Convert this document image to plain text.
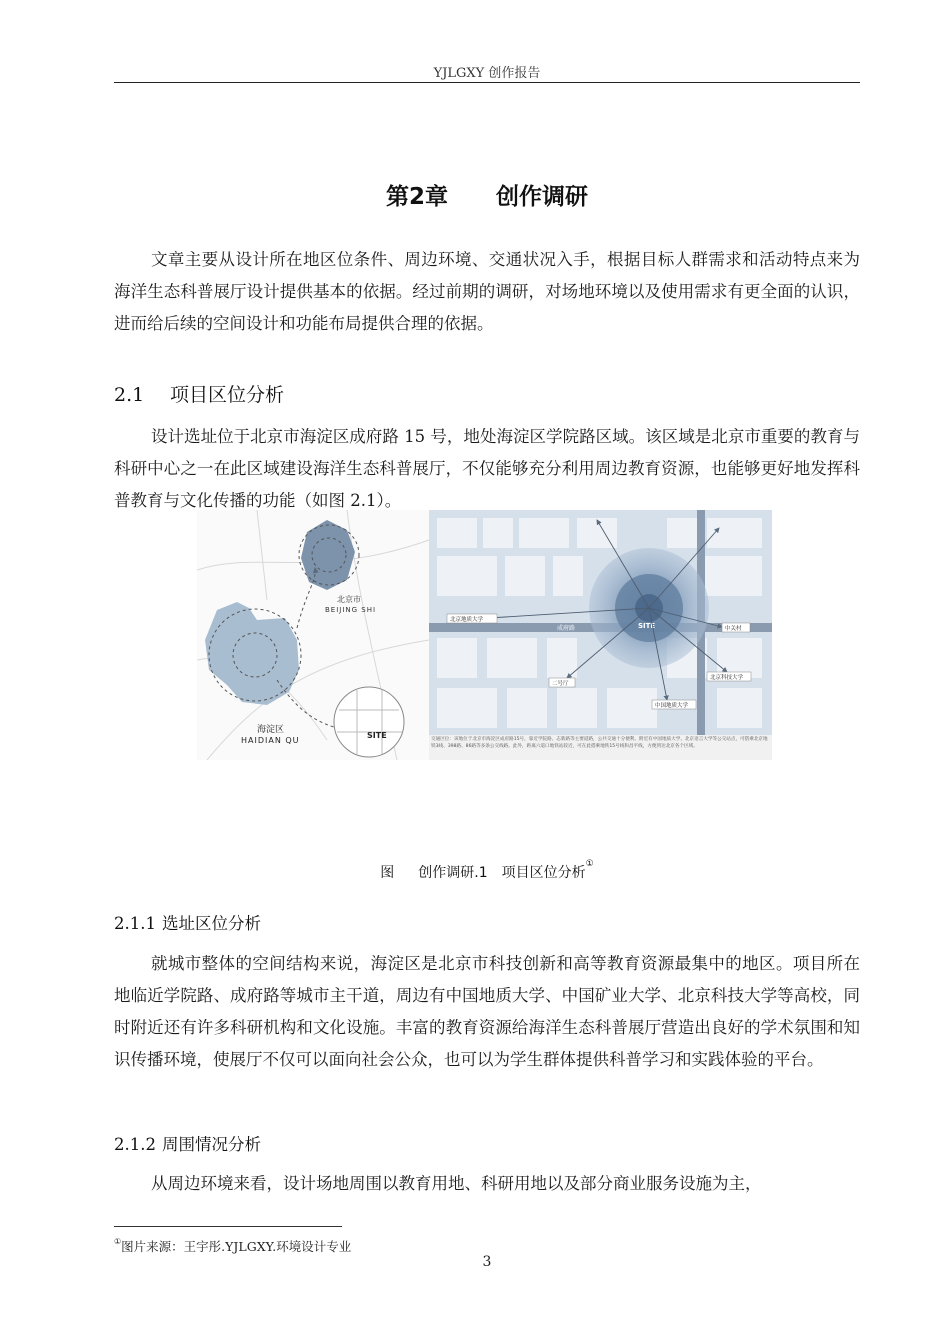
YJLGXY 创作报告
第2章 创作调研

文章主要从设计所在地区位条件、周边环境、交通状况入手，根据目标人群需求和活动特点来为海洋生态科普展厅设计提供基本的依据。经过前期的调研，对场地环境以及使用需求有更全面的认识，进而给后续的空间设计和功能布局提供合理的依据。

2.1 项目区位分析

设计选址位于北京市海淀区成府路 15 号，地处海淀区学院路区域。该区域是北京市重要的教育与科研中心之一在此区域建设海洋生态科普展厅，不仅能够充分利用周边教育资源，也能够更好地发挥科普教育与文化传播的功能（如图 2.1）。

北京市
BEIJING SHI
海淀区
HAIDIAN QU
SITE
成府路	SITE
北京地质大学
中关村
二号厅
北京科技大学
中国地质大学
交通区位：该地位于北京市海淀区成府路15号，靠近学院路、志新路等主要道路，公共交通十分便利。附近有中国地质大学、北京语言大学等公交站点，可搭乘北京地铁3线、398路、86路等多条公交线路。此外，距离六道口地铁站较近，可在此搭乘地铁15号线和昌平线，方便到达北京各个区域。
图 创作调研.1　项目区位分析①
2.1.1 选址区位分析

就城市整体的空间结构来说，海淀区是北京市科技创新和高等教育资源最集中的地区。项目所在地临近学院路、成府路等城市主干道，周边有中国地质大学、中国矿业大学、北京科技大学等高校，同时附近还有许多科研机构和文化设施。丰富的教育资源给海洋生态科普展厅营造出良好的学术氛围和知识传播环境，使展厅不仅可以面向社会公众，也可以为学生群体提供科普学习和实践体验的平台。

2.1.2 周围情况分析

从周边环境来看，设计场地周围以教育用地、科研用地以及部分商业服务设施为主，

①图片来源：王宇彤.YJLGXY.环境设计专业
3
